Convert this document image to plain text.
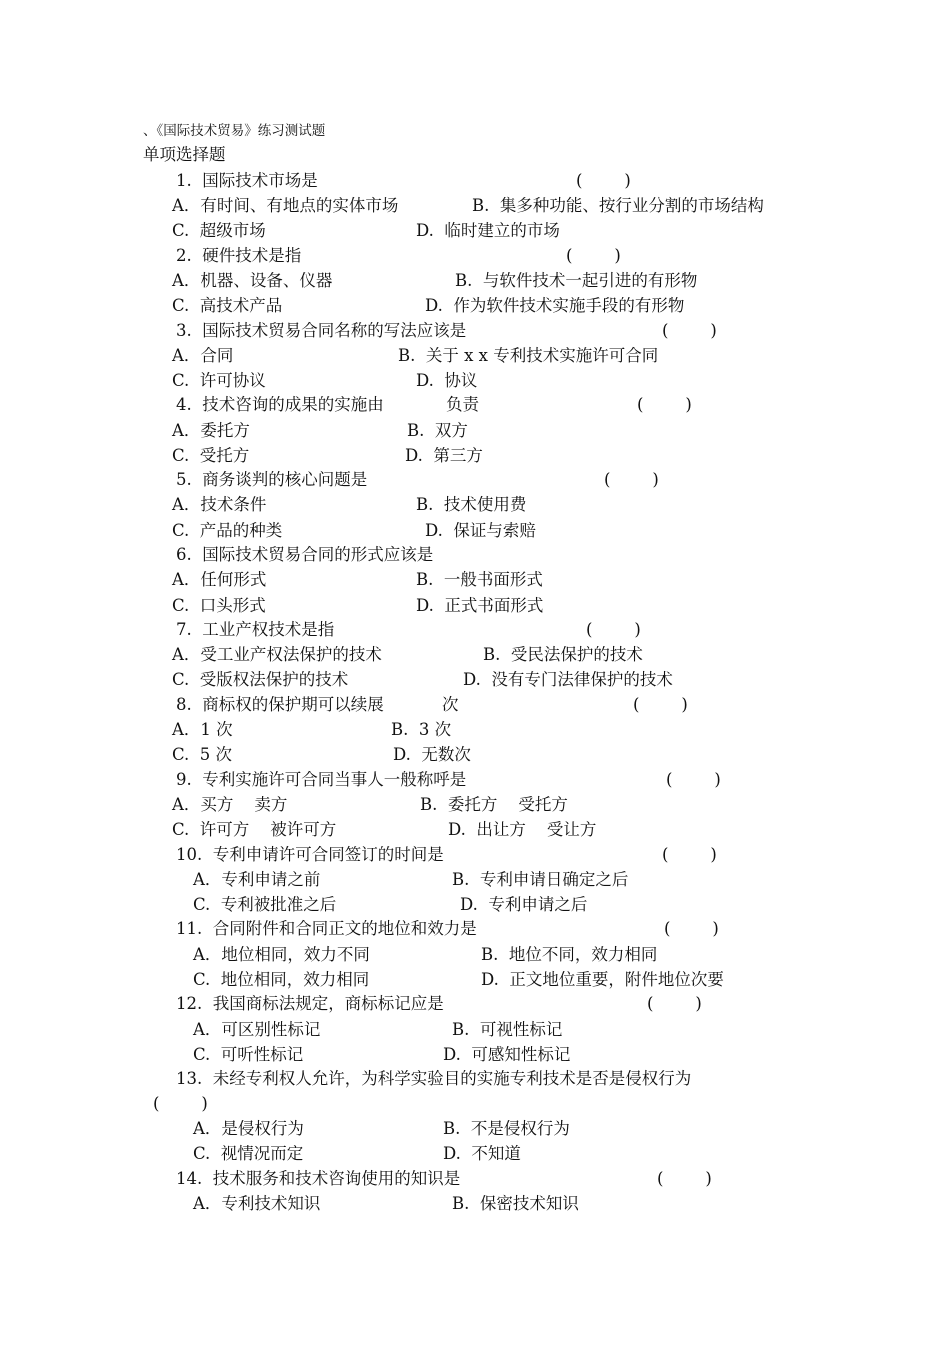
、《国际技术贸易》练习测试题
单项选择题
1.  国际技术市场是	(        )
A．有时间、有地点的实体市场	B.  集多种功能、按行业分割的市场结构
C.  超级市场	D.  临时建立的市场
2.  硬件技术是指	(        )
A．机器、设备、仪器	B.  与软件技术一起引进的有形物
C.  高技术产品	D.  作为软件技术实施手段的有形物
3.  国际技术贸易合同名称的写法应该是	(        )
A．合同	B.  关于 x x 专利技术实施许可合同
C.  许可协议	D.  协议
4.  技术咨询的成果的实施由	负责	(        )
A．委托方	B.  双方
C.  受托方	D.  第三方
5.  商务谈判的核心问题是	(        )
A．技术条件	B.  技术使用费
C.  产品的种类	D.  保证与索赔
6.  国际技术贸易合同的形式应该是
A．任何形式	B.  一般书面形式
C.  口头形式	D.  正式书面形式
7.  工业产权技术是指	(        )
A．受工业产权法保护的技术	B.  受民法保护的技术
C.  受版权法保护的技术	D.  没有专门法律保护的技术
8.  商标权的保护期可以续展	次	(        )
A．1 次	B.  3 次
C.  5 次	D.  无数次
9.  专利实施许可合同当事人一般称呼是	(        )
A．买方    卖方	B.  委托方    受托方
C.  许可方    被许可方	D.  出让方    受让方
10.  专利申请许可合同签订的时间是	(        )
A．专利申请之前	B.  专利申请日确定之后
C.  专利被批准之后	D.  专利申请之后
11.  合同附件和合同正文的地位和效力是	(        )
A．地位相同，效力不同	B.  地位不同，效力相同
C.  地位相同，效力相同	D.  正文地位重要，附件地位次要
12.  我国商标法规定，商标标记应是	(        )
A．可区别性标记	B.  可视性标记
C.  可听性标记	D.  可感知性标记
13.  未经专利权人允许，为科学实验目的实施专利技术是否是侵权行为
(        )
A．是侵权行为	B.  不是侵权行为
C.  视情况而定	D.  不知道
14.  技术服务和技术咨询使用的知识是	(        )
A．专利技术知识	B.  保密技术知识
